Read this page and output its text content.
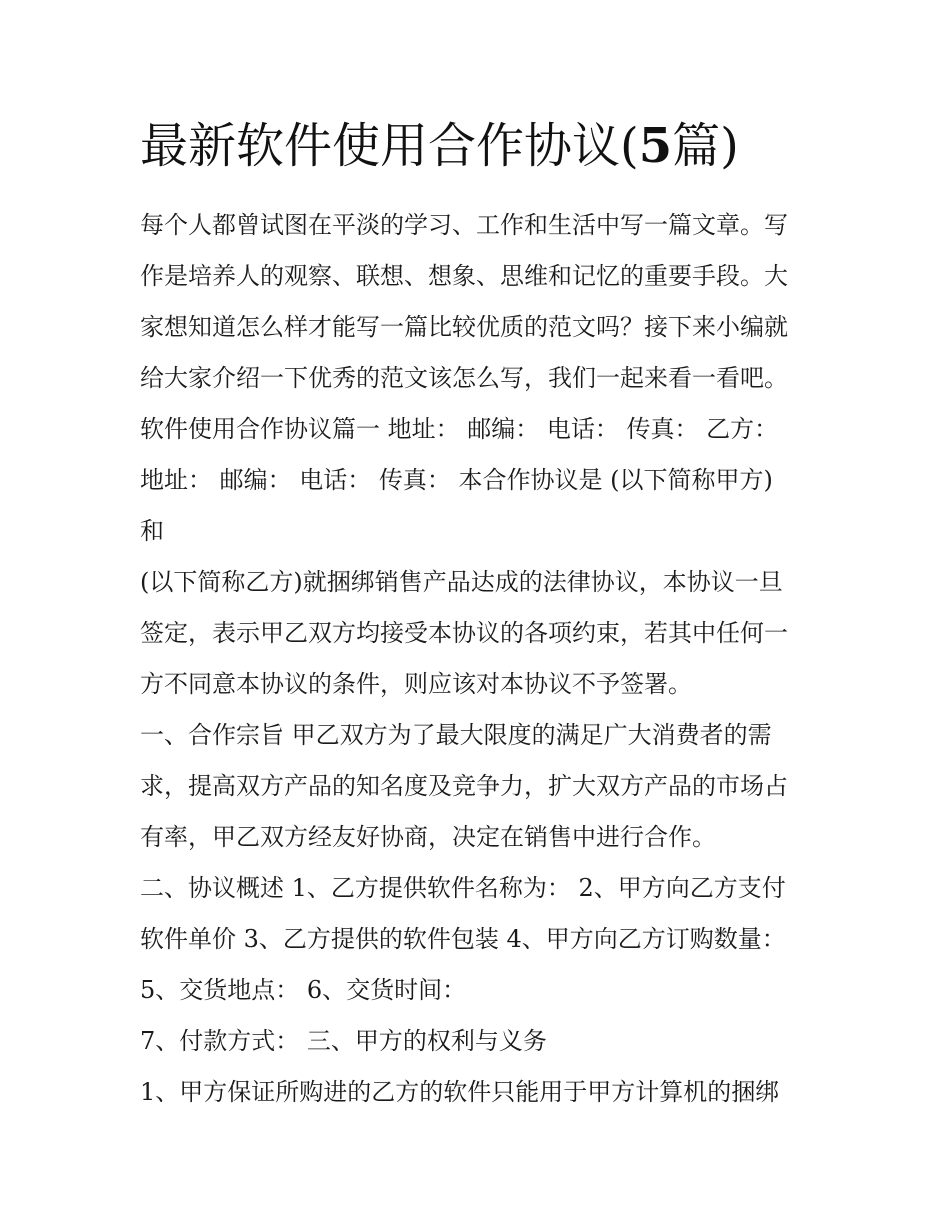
最新软件使用合作协议(5篇)
每个人都曾试图在平淡的学习、工作和生活中写一篇文章。写
作是培养人的观察、联想、想象、思维和记忆的重要手段。大
家想知道怎么样才能写一篇比较优质的范文吗？接下来小编就
给大家介绍一下优秀的范文该怎么写，我们一起来看一看吧。
软件使用合作协议篇一 地址： 邮编： 电话： 传真： 乙方：
地址： 邮编： 电话： 传真： 本合作协议是 (以下简称甲方)
和
(以下简称乙方)就捆绑销售产品达成的法律协议，本协议一旦
签定，表示甲乙双方均接受本协议的各项约束，若其中任何一
方不同意本协议的条件，则应该对本协议不予签署。
一、合作宗旨 甲乙双方为了最大限度的满足广大消费者的需
求，提高双方产品的知名度及竞争力，扩大双方产品的市场占
有率，甲乙双方经友好协商，决定在销售中进行合作。
二、协议概述 1、乙方提供软件名称为： 2、甲方向乙方支付
软件单价 3、乙方提供的软件包装 4、甲方向乙方订购数量：
5、交货地点： 6、交货时间：
7、付款方式： 三、甲方的权利与义务
1、甲方保证所购进的乙方的软件只能用于甲方计算机的捆绑
